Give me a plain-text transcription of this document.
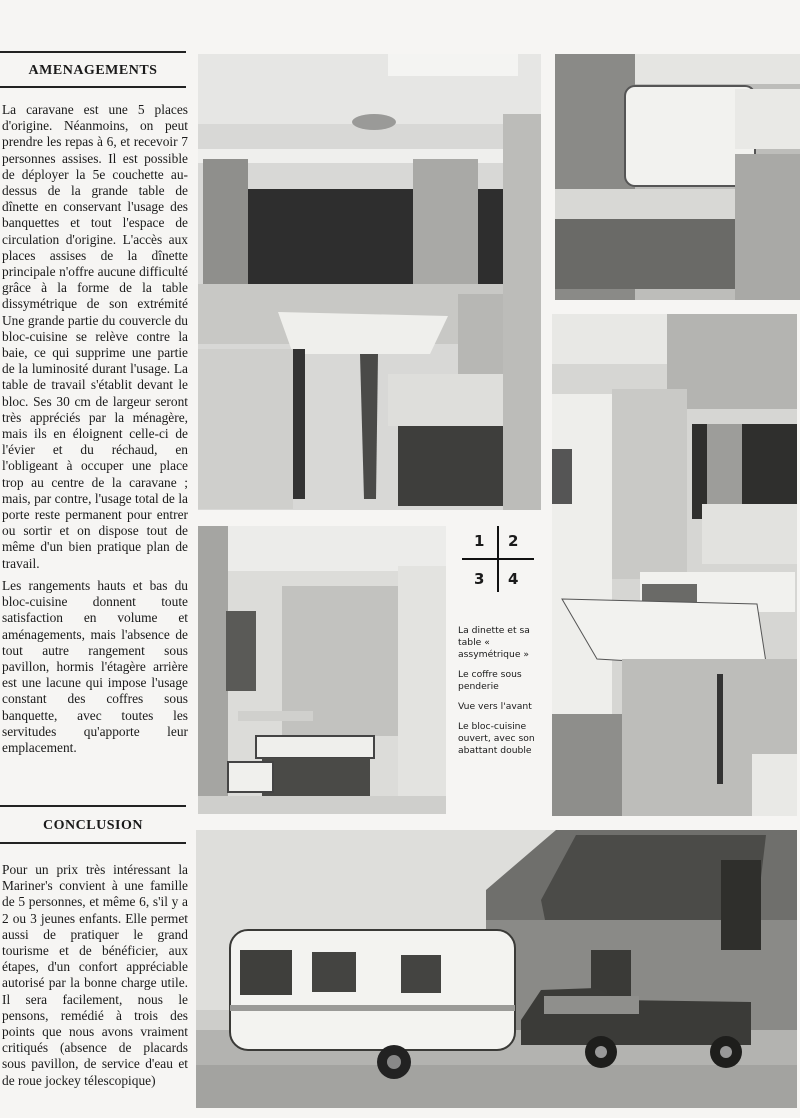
AMENAGEMENTS

La caravane est une 5 places d'origine. Néanmoins, on peut prendre les repas à 6, et recevoir 7 personnes assises. Il est possible de déployer la 5e couchette au-dessus de la grande table de dînette en conservant l'usage des banquettes et tout l'espace de circulation d'origine. L'accès aux places assises de la dînette principale n'offre aucune difficulté grâce à la forme de la table dissymétrique de son extrémité Une grande partie du couvercle du bloc-cuisine se relève contre la baie, ce qui supprime une partie de la luminosité durant l'usage. La table de travail s'établit devant le bloc. Ses 30 cm de largeur seront très appréciés par la ménagère, mais ils en éloignent celle-ci de l'évier et du réchaud, en l'obligeant à occuper une place trop au centre de la caravane ; mais, par contre, l'usage total de la porte reste permanent pour entrer ou sortir et on dispose tout de même d'un bien pratique plan de travail.

Les rangements hauts et bas du bloc-cuisine donnent toute satisfaction en volume et aménagements, mais l'absence de tout autre rangement sous pavillon, hormis l'étagère arrière est une lacune qui impose l'usage constant des coffres sous banquette, avec toutes les servitudes qu'apporte leur emplacement.

CONCLUSION

Pour un prix très intéressant la Mariner's convient à une famille de 5 personnes, et même 6, s'il y a 2 ou 3 jeunes enfants. Elle permet aussi de pratiquer le grand tourisme et de bénéficier, aux étapes, d'un confort appréciable autorisé par la bonne charge utile. Il sera facilement, nous le pensons, remédié à trois des points que nous avons vraiment critiqués (absence de placards sous pavillon, de service d'eau et de roue jockey télescopique)

1 2
3 4

La dinette et sa table « assymétrique »

Le coffre sous penderie

Vue vers l'avant

Le bloc-cuisine ouvert, avec son abattant double
